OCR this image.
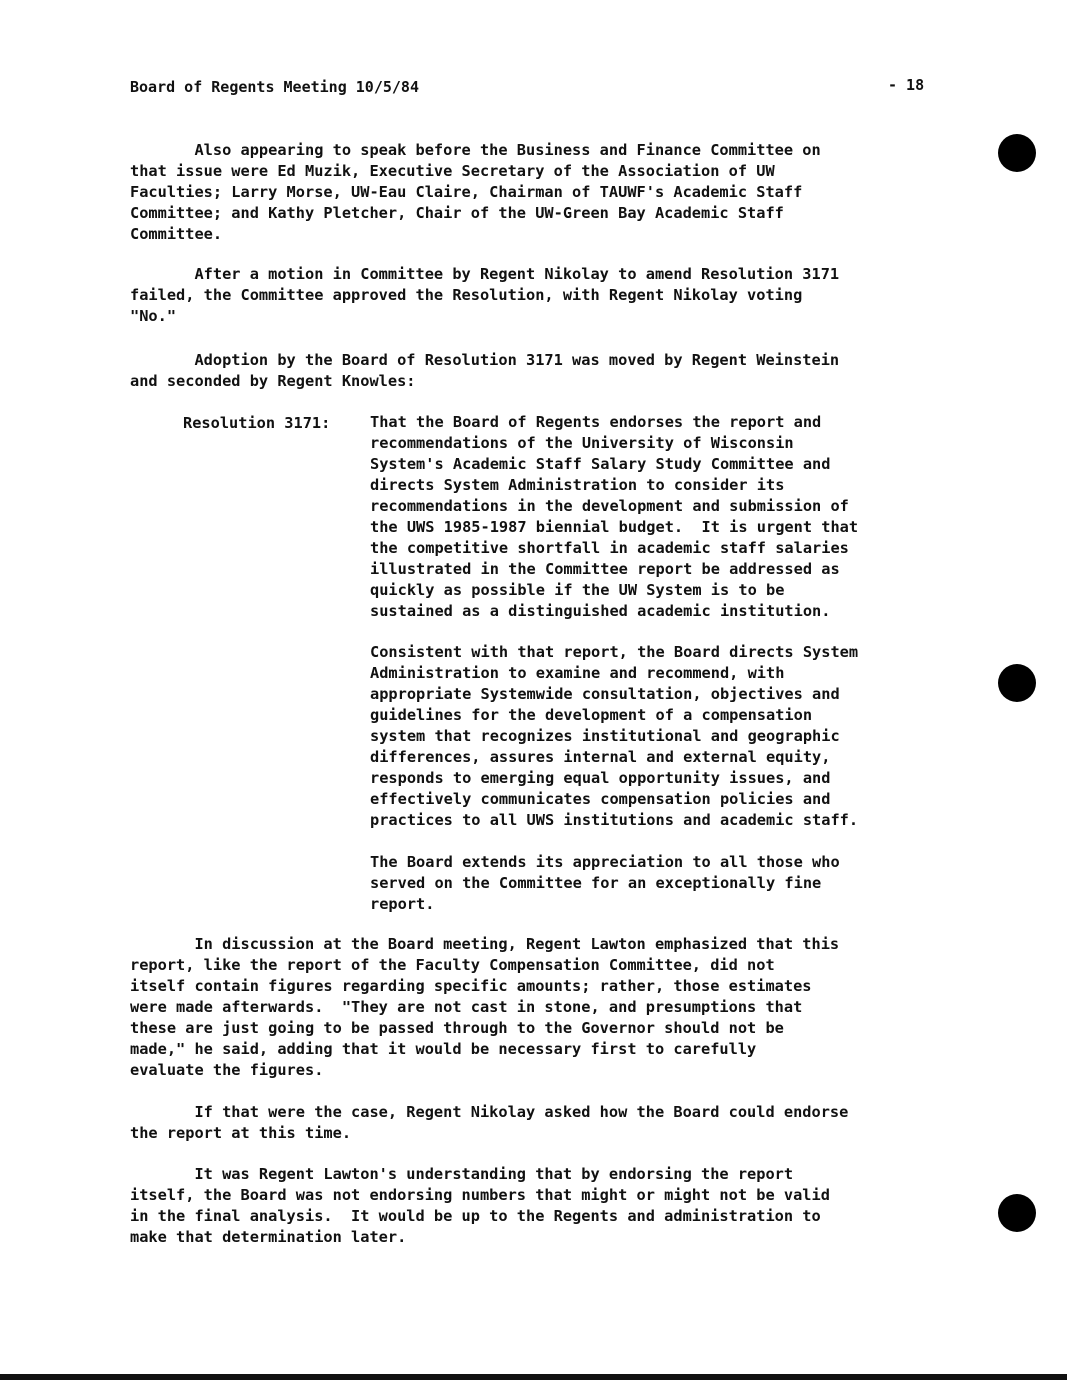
Board of Regents Meeting 10/5/84	- 18
Also appearing to speak before the Business and Finance Committee on
that issue were Ed Muzik, Executive Secretary of the Association of UW
Faculties; Larry Morse, UW-Eau Claire, Chairman of TAUWF's Academic Staff
Committee; and Kathy Pletcher, Chair of the UW-Green Bay Academic Staff
Committee.
After a motion in Committee by Regent Nikolay to amend Resolution 3171
failed, the Committee approved the Resolution, with Regent Nikolay voting
"No."
Adoption by the Board of Resolution 3171 was moved by Regent Weinstein
and seconded by Regent Knowles:
Resolution 3171:	That the Board of Regents endorses the report and
recommendations of the University of Wisconsin
System's Academic Staff Salary Study Committee and
directs System Administration to consider its
recommendations in the development and submission of
the UWS 1985-1987 biennial budget.  It is urgent that
the competitive shortfall in academic staff salaries
illustrated in the Committee report be addressed as
quickly as possible if the UW System is to be
sustained as a distinguished academic institution.
Consistent with that report, the Board directs System
Administration to examine and recommend, with
appropriate Systemwide consultation, objectives and
guidelines for the development of a compensation
system that recognizes institutional and geographic
differences, assures internal and external equity,
responds to emerging equal opportunity issues, and
effectively communicates compensation policies and
practices to all UWS institutions and academic staff.
The Board extends its appreciation to all those who
served on the Committee for an exceptionally fine
report.
In discussion at the Board meeting, Regent Lawton emphasized that this
report, like the report of the Faculty Compensation Committee, did not
itself contain figures regarding specific amounts; rather, those estimates
were made afterwards.  "They are not cast in stone, and presumptions that
these are just going to be passed through to the Governor should not be
made," he said, adding that it would be necessary first to carefully
evaluate the figures.
If that were the case, Regent Nikolay asked how the Board could endorse
the report at this time.
It was Regent Lawton's understanding that by endorsing the report
itself, the Board was not endorsing numbers that might or might not be valid
in the final analysis.  It would be up to the Regents and administration to
make that determination later.
